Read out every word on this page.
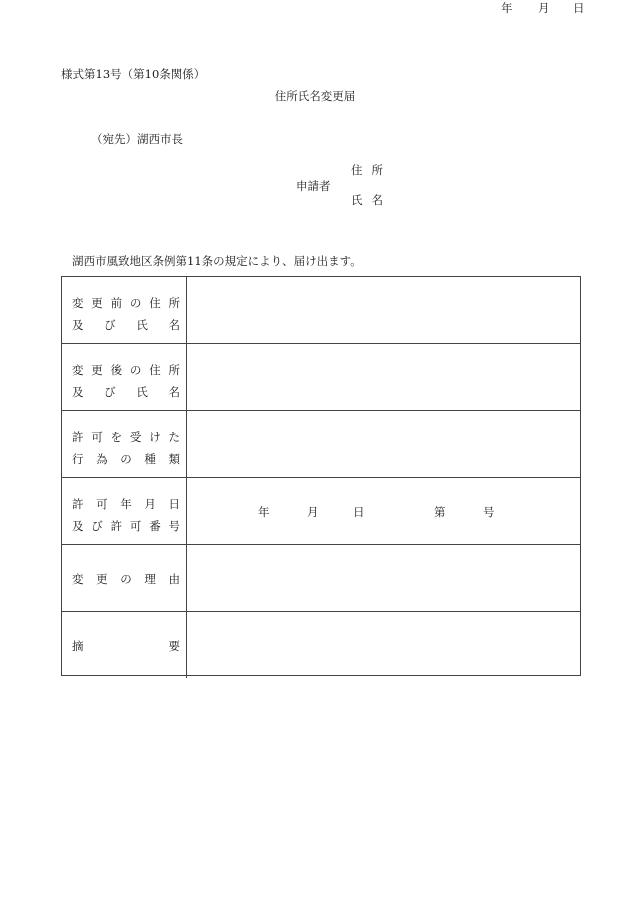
様式第13号（第10条関係）
住所氏名変更届
年 月 日
（宛先）湖西市長
申請者
住所
氏名
湖西市風致地区条例第11条の規定により、届け出ます。
変 更 前 の 住 所
及 び 氏 名
変 更 後 の 住 所
及 び 氏 名
許 可 を 受 け た
行 為 の 種 類
許 可 年 月 日
及 び 許 可 番 号
年	月	日	第	号
変 更 の 理 由
摘	要
